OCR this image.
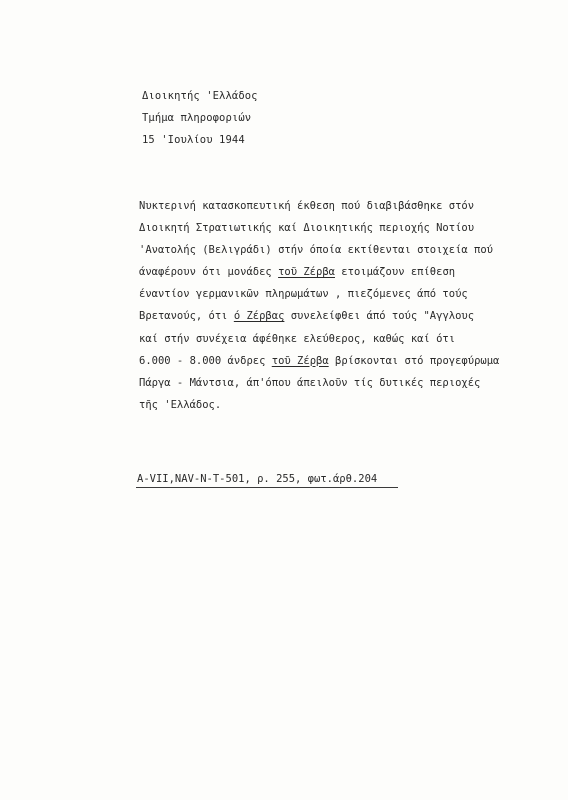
Διοικητής 'Ελλάδος
Τμήμα πληροφοριών
15 'Ιουλίου 1944
Νυκτερινή κατασκοπευτική έκθεση πού διαβιβάσθηκε στόν
Διοικητή Στρατιωτικής καί Διοικητικής περιοχής Νοτίου
'Ανατολής (Βελιγράδι) στήν όποία εκτίθενται στοιχεία πού
άναφέρουν ότι μονάδες τοῦ Ζέρβα ετοιμάζουν επίθεση
έναντίον γερμανικῶν πληρωμάτων , πιεζόμενες άπό τούς
Βρετανούς, ότι ό Ζέρβας συνελείφθει άπό τούς "Αγγλους
καί στήν συνέχεια άφέθηκε ελεύθερος, καθώς καί ότι
6.000 - 8.000 άνδρες τοῦ Ζέρβα βρίσκονται στό προγεφύρωμα
Πάργα - Μάντσια, άπ'όπου άπειλοῦν τίς δυτικές περιοχές
τῆς 'Ελλάδος.
A-VII,NAV-N-T-501, ρ. 255, φωτ.άρθ.204
